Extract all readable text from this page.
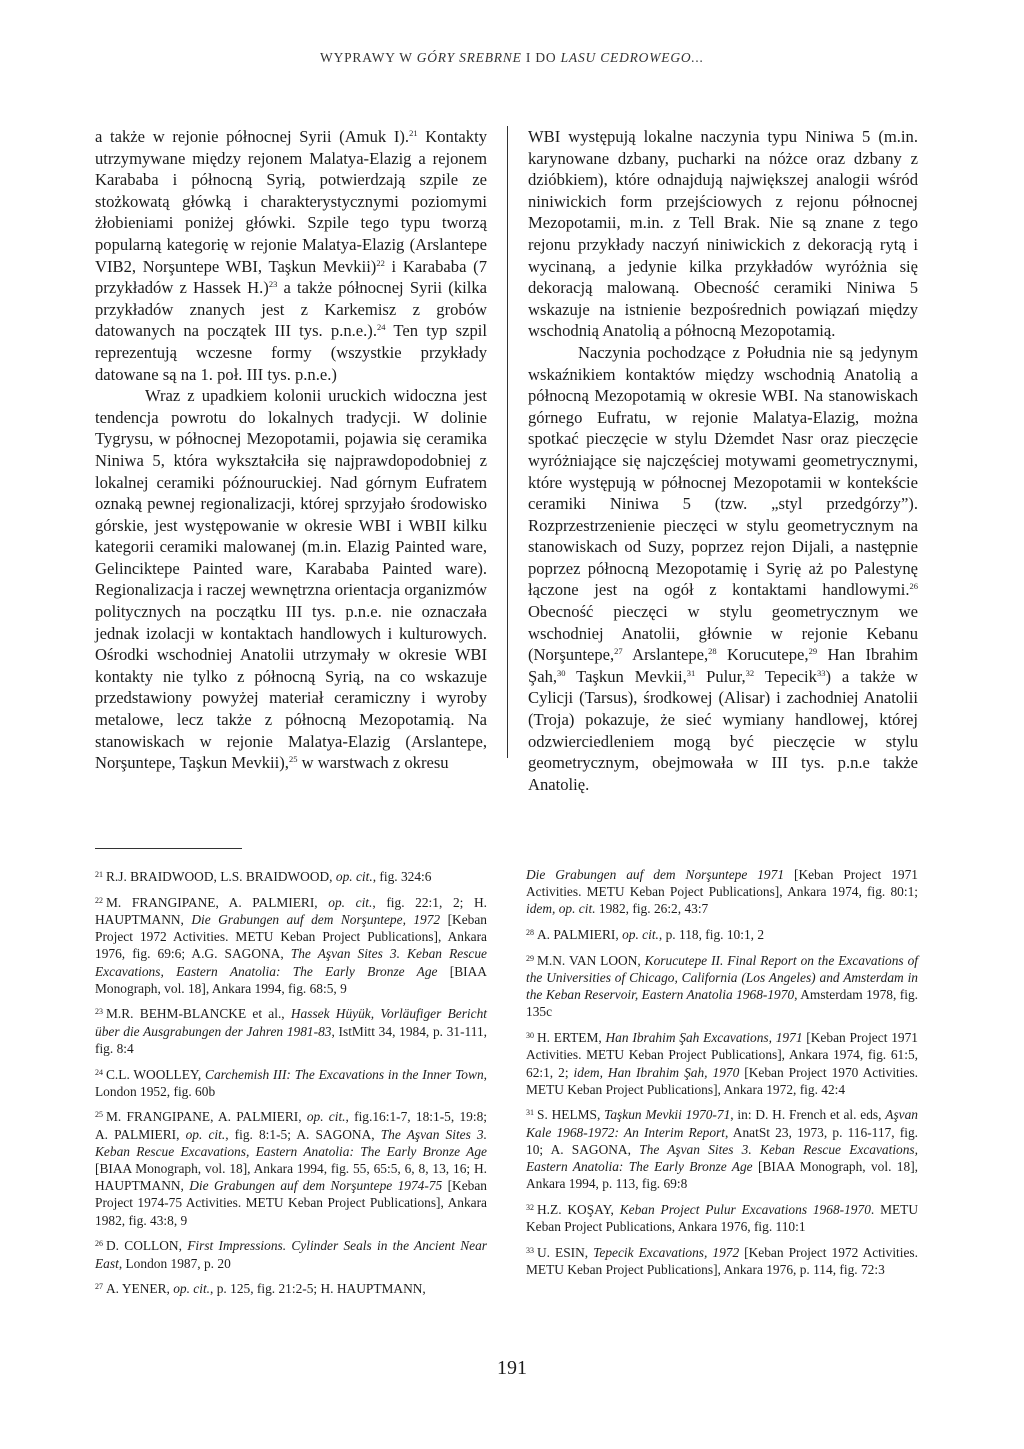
WYPRAWY W GÓRY SREBRNE I DO LASU CEDROWEGO...

a także w rejonie północnej Syrii (Amuk I).$^{21}$ Kontakty utrzymywane między rejonem Malatya-Elazig a rejonem Karababa i północną Syrią, potwierdzają szpile ze stożkowatą główką i charakterystycznymi poziomymi żłobieniami poniżej główki. Szpile tego typu tworzą popularną kategorię w rejonie Malatya-Elazig (Arslantepe VIB2, Norşuntepe WBI, Taşkun Mevkii)$^{22}$ i Karababa (7 przykładów z Hassek H.)$^{23}$ a także północnej Syrii (kilka przykładów znanych jest z Karkemisz z grobów datowanych na początek III tys. p.n.e.).$^{24}$ Ten typ szpil reprezentują wczesne formy (wszystkie przykłady datowane są na 1. poł. III tys. p.n.e.)

Wraz z upadkiem kolonii uruckich widoczna jest tendencja powrotu do lokalnych tradycji. W dolinie Tygrysu, w północnej Mezopotamii, pojawia się ceramika Niniwa 5, która wykształciła się najprawdopodobniej z lokalnej ceramiki późnouruckiej. Nad górnym Eufratem oznaką pewnej regionalizacji, której sprzyjało środowisko górskie, jest występowanie w okresie WBI i WBII kilku kategorii ceramiki malowanej (m.in. Elazig Painted ware, Gelinciktepe Painted ware, Karababa Painted ware). Regionalizacja i raczej wewnętrzna orientacja organizmów politycznych na początku III tys. p.n.e. nie oznaczała jednak izolacji w kontaktach handlowych i kulturowych. Ośrodki wschodniej Anatolii utrzymały w okresie WBI kontakty nie tylko z północną Syrią, na co wskazuje przedstawiony powyżej materiał ceramiczny i wyroby metalowe, lecz także z północną Mezopotamią. Na stanowiskach w rejonie Malatya-Elazig (Arslantepe, Norşuntepe, Taşkun Mevkii),$^{25}$ w warstwach z okresu

WBI występują lokalne naczynia typu Niniwa 5 (m.in. karynowane dzbany, pucharki na nóżce oraz dzbany z dzióbkiem), które odnajdują największej analogii wśród niniwickich form przejściowych z rejonu północnej Mezopotamii, m.in. z Tell Brak. Nie są znane z tego rejonu przykłady naczyń niniwickich z dekoracją rytą i wycinaną, a jedynie kilka przykładów wyróżnia się dekoracją malowaną. Obecność ceramiki Niniwa 5 wskazuje na istnienie bezpośrednich powiązań między wschodnią Anatolią a północną Mezopotamią.

Naczynia pochodzące z Południa nie są jedynym wskaźnikiem kontaktów między wschodnią Anatolią a północną Mezopotamią w okresie WBI. Na stanowiskach górnego Eufratu, w rejonie Malatya-Elazig, można spotkać pieczęcie w stylu Dżemdet Nasr oraz pieczęcie wyróżniające się najczęściej motywami geometrycznymi, które występują w północnej Mezopotamii w kontekście ceramiki Niniwa 5 (tzw. „styl przedgórzy”). Rozprzestrzenienie pieczęci w stylu geometrycznym na stanowiskach od Suzy, poprzez rejon Dijali, a następnie poprzez północną Mezopotamię i Syrię aż po Palestynę łączone jest na ogół z kontaktami handlowymi.$^{26}$ Obecność pieczęci w stylu geometrycznym we wschodniej Anatolii, głównie w rejonie Kebanu (Norşuntepe,$^{27}$ Arslantepe,$^{28}$ Korucutepe,$^{29}$ Han Ibrahim Şah,$^{30}$ Taşkun Mevkii,$^{31}$ Pulur,$^{32}$ Tepecik$^{33}$) a także w Cylicji (Tarsus), środkowej (Alisar) i zachodniej Anatolii (Troja) pokazuje, że sieć wymiany handlowej, której odzwierciedleniem mogą być pieczęcie w stylu geometrycznym, obejmowała w III tys. p.n.e także Anatolię.

$^{21}$ R.J. BRAIDWOOD, L.S. BRAIDWOOD, op. cit., fig. 324:6

$^{22}$ M. FRANGIPANE, A. PALMIERI, op. cit., fig. 22:1, 2; H. HAUPTMANN, Die Grabungen auf dem Norşuntepe, 1972 [Keban Project 1972 Activities. METU Keban Project Publications], Ankara 1976, fig. 69:6; A.G. SAGONA, The Aşvan Sites 3. Keban Rescue Excavations, Eastern Anatolia: The Early Bronze Age [BIAA Monograph, vol. 18], Ankara 1994, fig. 68:5, 9

$^{23}$ M.R. BEHM-BLANCKE et al., Hassek Hüyük, Vorläufiger Bericht über die Ausgrabungen der Jahren 1981-83, IstMitt 34, 1984, p. 31-111, fig. 8:4

$^{24}$ C.L. WOOLLEY, Carchemish III: The Excavations in the Inner Town, London 1952, fig. 60b

$^{25}$ M. FRANGIPANE, A. PALMIERI, op. cit., fig.16:1-7, 18:1-5, 19:8; A. PALMIERI, op. cit., fig. 8:1-5; A. SAGONA, The Aşvan Sites 3. Keban Rescue Excavations, Eastern Anatolia: The Early Bronze Age [BIAA Monograph, vol. 18], Ankara 1994, fig. 55, 65:5, 6, 8, 13, 16; H. HAUPTMANN, Die Grabungen auf dem Norşuntepe 1974-75 [Keban Project 1974-75 Activities. METU Keban Project Publications], Ankara 1982, fig. 43:8, 9

$^{26}$ D. COLLON, First Impressions. Cylinder Seals in the Ancient Near East, London 1987, p. 20

$^{27}$ A. YENER, op. cit., p. 125, fig. 21:2-5; H. HAUPTMANN,

Die Grabungen auf dem Norşuntepe 1971 [Keban Project 1971 Activities. METU Keban Poject Publications], Ankara 1974, fig. 80:1; idem, op. cit. 1982, fig. 26:2, 43:7

$^{28}$ A. PALMIERI, op. cit., p. 118, fig. 10:1, 2

$^{29}$ M.N. VAN LOON, Korucutepe II. Final Report on the Excavations of the Universities of Chicago, California (Los Angeles) and Amsterdam in the Keban Reservoir, Eastern Anatolia 1968-1970, Amsterdam 1978, fig. 135c

$^{30}$ H. ERTEM, Han Ibrahim Şah Excavations, 1971 [Keban Project 1971 Activities. METU Keban Project Publications], Ankara 1974, fig. 61:5, 62:1, 2; idem, Han Ibrahim Şah, 1970 [Keban Project 1970 Activities. METU Keban Project Publications], Ankara 1972, fig. 42:4

$^{31}$ S. HELMS, Taşkun Mevkii 1970-71, in: D. H. French et al. eds, Aşvan Kale 1968-1972: An Interim Report, AnatSt 23, 1973, p. 116-117, fig. 10; A. SAGONA, The Aşvan Sites 3. Keban Rescue Excavations, Eastern Anatolia: The Early Bronze Age [BIAA Monograph, vol. 18], Ankara 1994, p. 113, fig. 69:8

$^{32}$ H.Z. KOŞAY, Keban Project Pulur Excavations 1968-1970. METU Keban Project Publications, Ankara 1976, fig. 110:1

$^{33}$ U. ESIN, Tepecik Excavations, 1972 [Keban Project 1972 Activities. METU Keban Project Publications], Ankara 1976, p. 114, fig. 72:3

191
